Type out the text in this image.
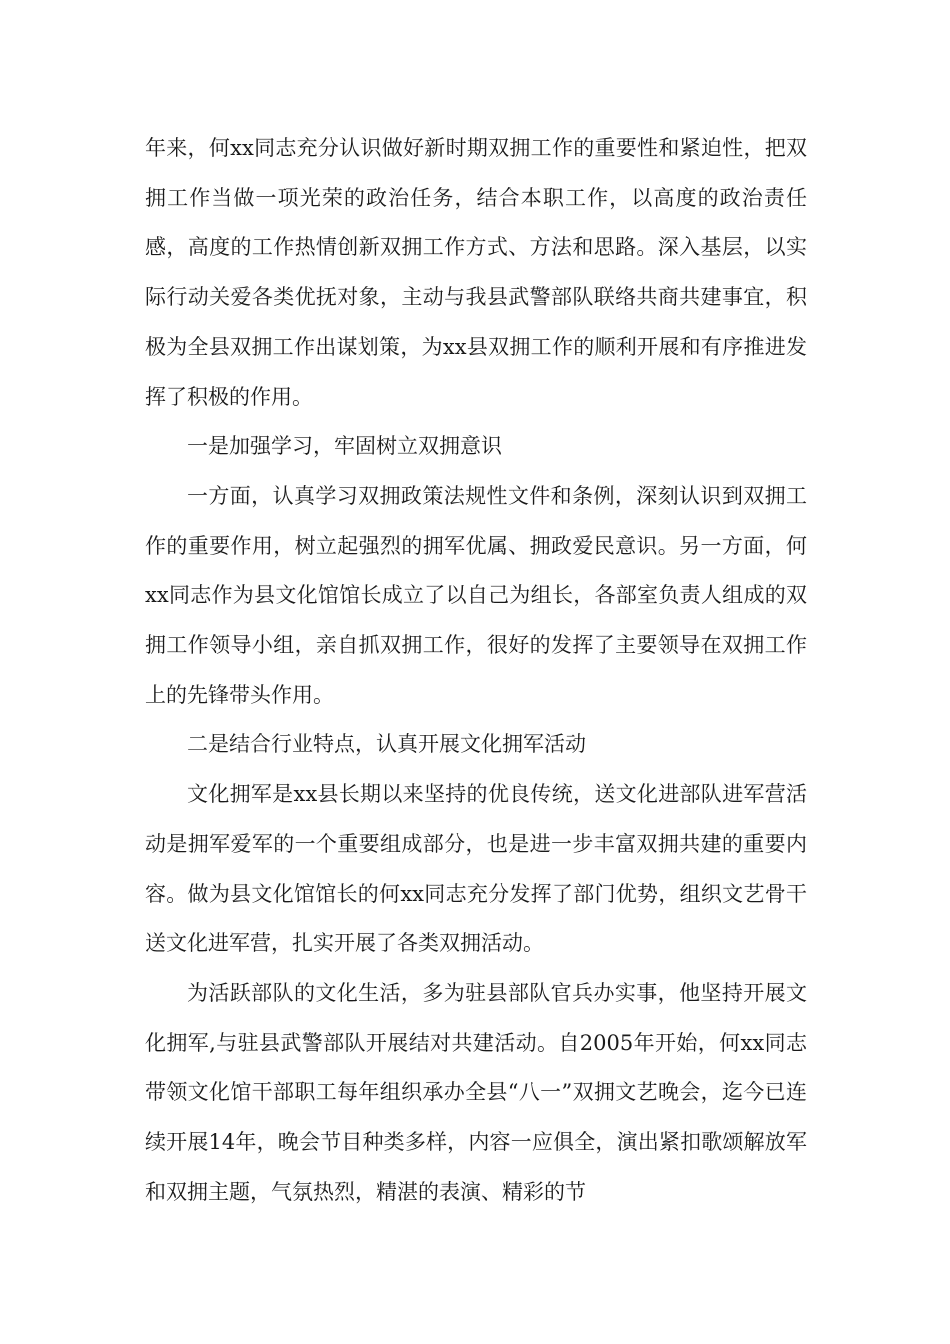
年来，何xx同志充分认识做好新时期双拥工作的重要性和紧迫性，把双拥工作当做一项光荣的政治任务，结合本职工作，以高度的政治责任感，高度的工作热情创新双拥工作方式、方法和思路。深入基层，以实际行动关爱各类优抚对象，主动与我县武警部队联络共商共建事宜，积极为全县双拥工作出谋划策，为xx县双拥工作的顺利开展和有序推进发挥了积极的作用。

一是加强学习，牢固树立双拥意识

一方面，认真学习双拥政策法规性文件和条例，深刻认识到双拥工作的重要作用，树立起强烈的拥军优属、拥政爱民意识。另一方面，何xx同志作为县文化馆馆长成立了以自己为组长，各部室负责人组成的双拥工作领导小组，亲自抓双拥工作，很好的发挥了主要领导在双拥工作上的先锋带头作用。

二是结合行业特点，认真开展文化拥军活动

文化拥军是xx县长期以来坚持的优良传统，送文化进部队进军营活动是拥军爱军的一个重要组成部分，也是进一步丰富双拥共建的重要内容。做为县文化馆馆长的何xx同志充分发挥了部门优势，组织文艺骨干送文化进军营，扎实开展了各类双拥活动。

为活跃部队的文化生活，多为驻县部队官兵办实事，他坚持开展文化拥军,与驻县武警部队开展结对共建活动。自2005年开始，何xx同志带领文化馆干部职工每年组织承办全县“八一”双拥文艺晚会，迄今已连续开展14年，晚会节目种类多样，内容一应俱全，演出紧扣歌颂解放军和双拥主题，气氛热烈，精湛的表演、精彩的节
